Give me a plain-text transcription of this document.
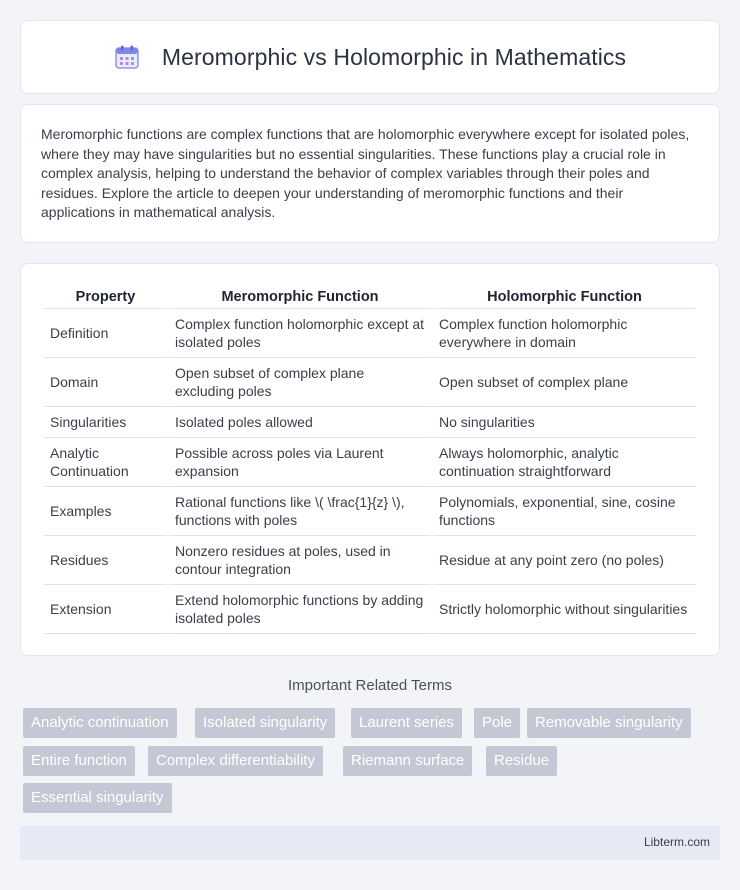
Meromorphic vs Holomorphic in Mathematics

Meromorphic functions are complex functions that are holomorphic everywhere except for isolated poles, where they may have singularities but no essential singularities. These functions play a crucial role in complex analysis, helping to understand the behavior of complex variables through their poles and residues. Explore the article to deepen your understanding of meromorphic functions and their applications in mathematical analysis.

Property	Meromorphic Function	Holomorphic Function
Definition	Complex function holomorphic except at isolated poles	Complex function holomorphic everywhere in domain
Domain	Open subset of complex plane excluding poles	Open subset of complex plane
Singularities	Isolated poles allowed	No singularities
Analytic Continuation	Possible across poles via Laurent expansion	Always holomorphic, analytic continuation straightforward
Examples	Rational functions like \( \frac{1}{z} \), functions with poles	Polynomials, exponential, sine, cosine functions
Residues	Nonzero residues at poles, used in contour integration	Residue at any point zero (no poles)
Extension	Extend holomorphic functions by adding isolated poles	Strictly holomorphic without singularities
Important Related Terms
Analytic continuation	Isolated singularity	Laurent series	Pole	Removable singularity
Entire function	Complex differentiability	Riemann surface	Residue
Essential singularity
Libterm.com
